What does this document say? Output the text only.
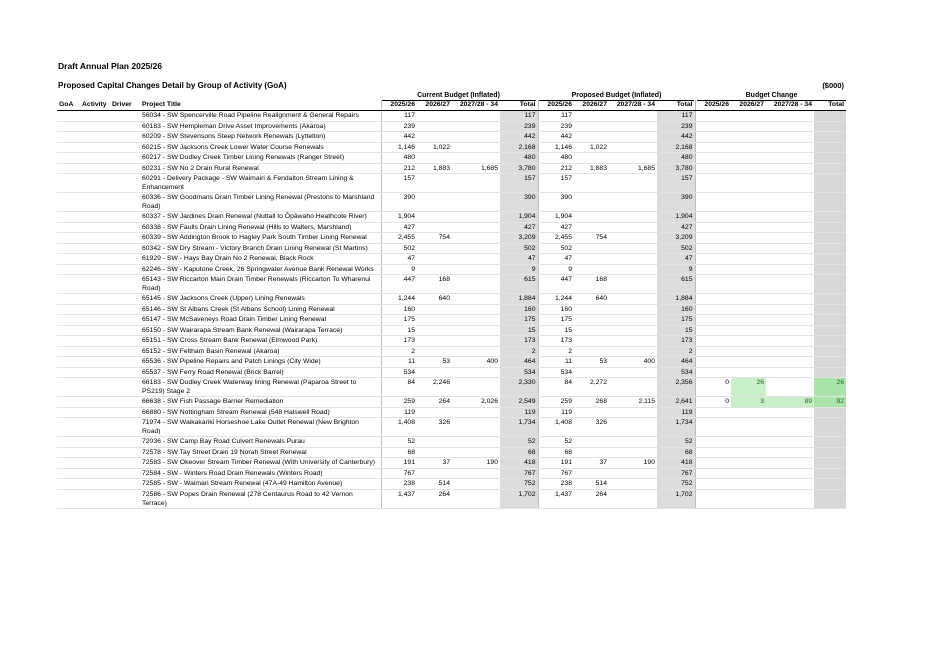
Draft Annual Plan 2025/26
Proposed Capital Changes Detail by Group of Activity (GoA)	($000)
Current Budget (Inflated)	Proposed Budget (Inflated)	Budget Change
GoA	Activity	Driver	Project Title	2025/26	2026/27	2027/28 - 34	Total	2025/26	2026/27	2027/28 - 34	Total	2025/26	2026/27	2027/28 - 34	Total
			56034 - SW Spencerville Road Pipeline Realignment & General Repairs	117			117	117			117				
			60183 - SW Hempleman Drive Asset Improvements (Akaroa)	239			239	239			239				
			60209 - SW Stevensons Steep Network Renewals (Lyttelton)	442			442	442			442				
			60215 - SW Jacksons Creek Lower Water Course Renewals	1,146	1,022		2,168	1,146	1,022		2,168				
			60217 - SW Dudley Creek Timber Lining Renewals (Ranger Street)	480			480	480			480				
			60231 - SW No 2 Drain Rural Renewal	212	1,883	1,685	3,780	212	1,883	1,685	3,780				
			60291 - Delivery Package - SW Waimairi & Fendalton Stream Lining & Enhancement	157			157	157			157				
			60336 - SW Goodmans Drain Timber Lining Renewal (Prestons to Marshland Road)	390			390	390			390				
			60337 - SW Jardines Drain Renewal (Nuttall to Ōpāwaho Heathcote River)	1,904			1,904	1,904			1,904				
			60338 - SW Faulls Drain Lining Renewal (Hills to Walters, Marshland)	427			427	427			427				
			60339 - SW Addington Brook to Hagley Park South Timber Lining Renewal	2,455	754		3,209	2,455	754		3,209				
			60342 - SW Dry Stream - Victory Branch Drain Lining Renewal (St Martins)	502			502	502			502				
			61929 - SW - Hays Bay Drain No 2 Renewal, Black Rock	47			47	47			47				
			62246 - SW - Kaputone Creek, 26 Springwater Avenue Bank Renewal Works	9			9	9			9				
			65143 - SW Riccarton Main Drain Timber Renewals (Riccarton To Wharenui Road)	447	168		615	447	168		615				
			65145 - SW Jacksons Creek (Upper) Lining Renewals	1,244	640		1,884	1,244	640		1,884				
			65146 - SW St Albans Creek (St Albans School) Lining Renewal	160			160	160			160				
			65147 - SW McSaveneys Road Drain Timber Lining Renewal	175			175	175			175				
			65150 - SW Wairarapa Stream Bank Renewal (Wairarapa Terrace)	15			15	15			15				
			65151 - SW Cross Stream Bank Renewal (Elmwood Park)	173			173	173			173				
			65152 - SW Feltham Basin Renewal (Akaroa)	2			2	2			2				
			65536 - SW Pipeline Repairs and Patch Linings (City Wide)	11	53	400	464	11	53	400	464				
			65537 - SW Ferry Road Renewal (Brick Barrel)	534			534	534			534				
			66183 - SW Dudley Creek Waterway lining Renewal (Paparoa Street to PS219) Stage 2	84	2,246		2,330	84	2,272		2,356	0	26		26
			66638 - SW Fish Passage Barrier Remediation	259	264	2,026	2,549	259	268	2,115	2,641	0	3	89	92
			66880 - SW Nottingham Stream Renewal (548 Halswell Road)	119			119	119			119				
			71974 - SW Waikakariki Horseshoe Lake Outlet Renewal (New Brighton Road)	1,408	326		1,734	1,408	326		1,734				
			72036 - SW Camp Bay Road Culvert Renewals Purau	52			52	52			52				
			72578 - SW Tay Street Drain 19 Norah Street Renewal	68			68	68			68				
			72583 - SW Okeover Stream Timber Renewal (With University of Canterbury)	191	37	190	418	191	37	190	418				
			72584 - SW - Winters Road Drain Renewals (Winters Road)	767			767	767			767				
			72585 - SW - Waimari Stream Renewal (47A-49 Hamilton Avenue)	238	514		752	238	514		752				
			72586 - SW Popes Drain Renewal (278 Centaurus Road to 42 Vernon Terrace)	1,437	264		1,702	1,437	264		1,702				
